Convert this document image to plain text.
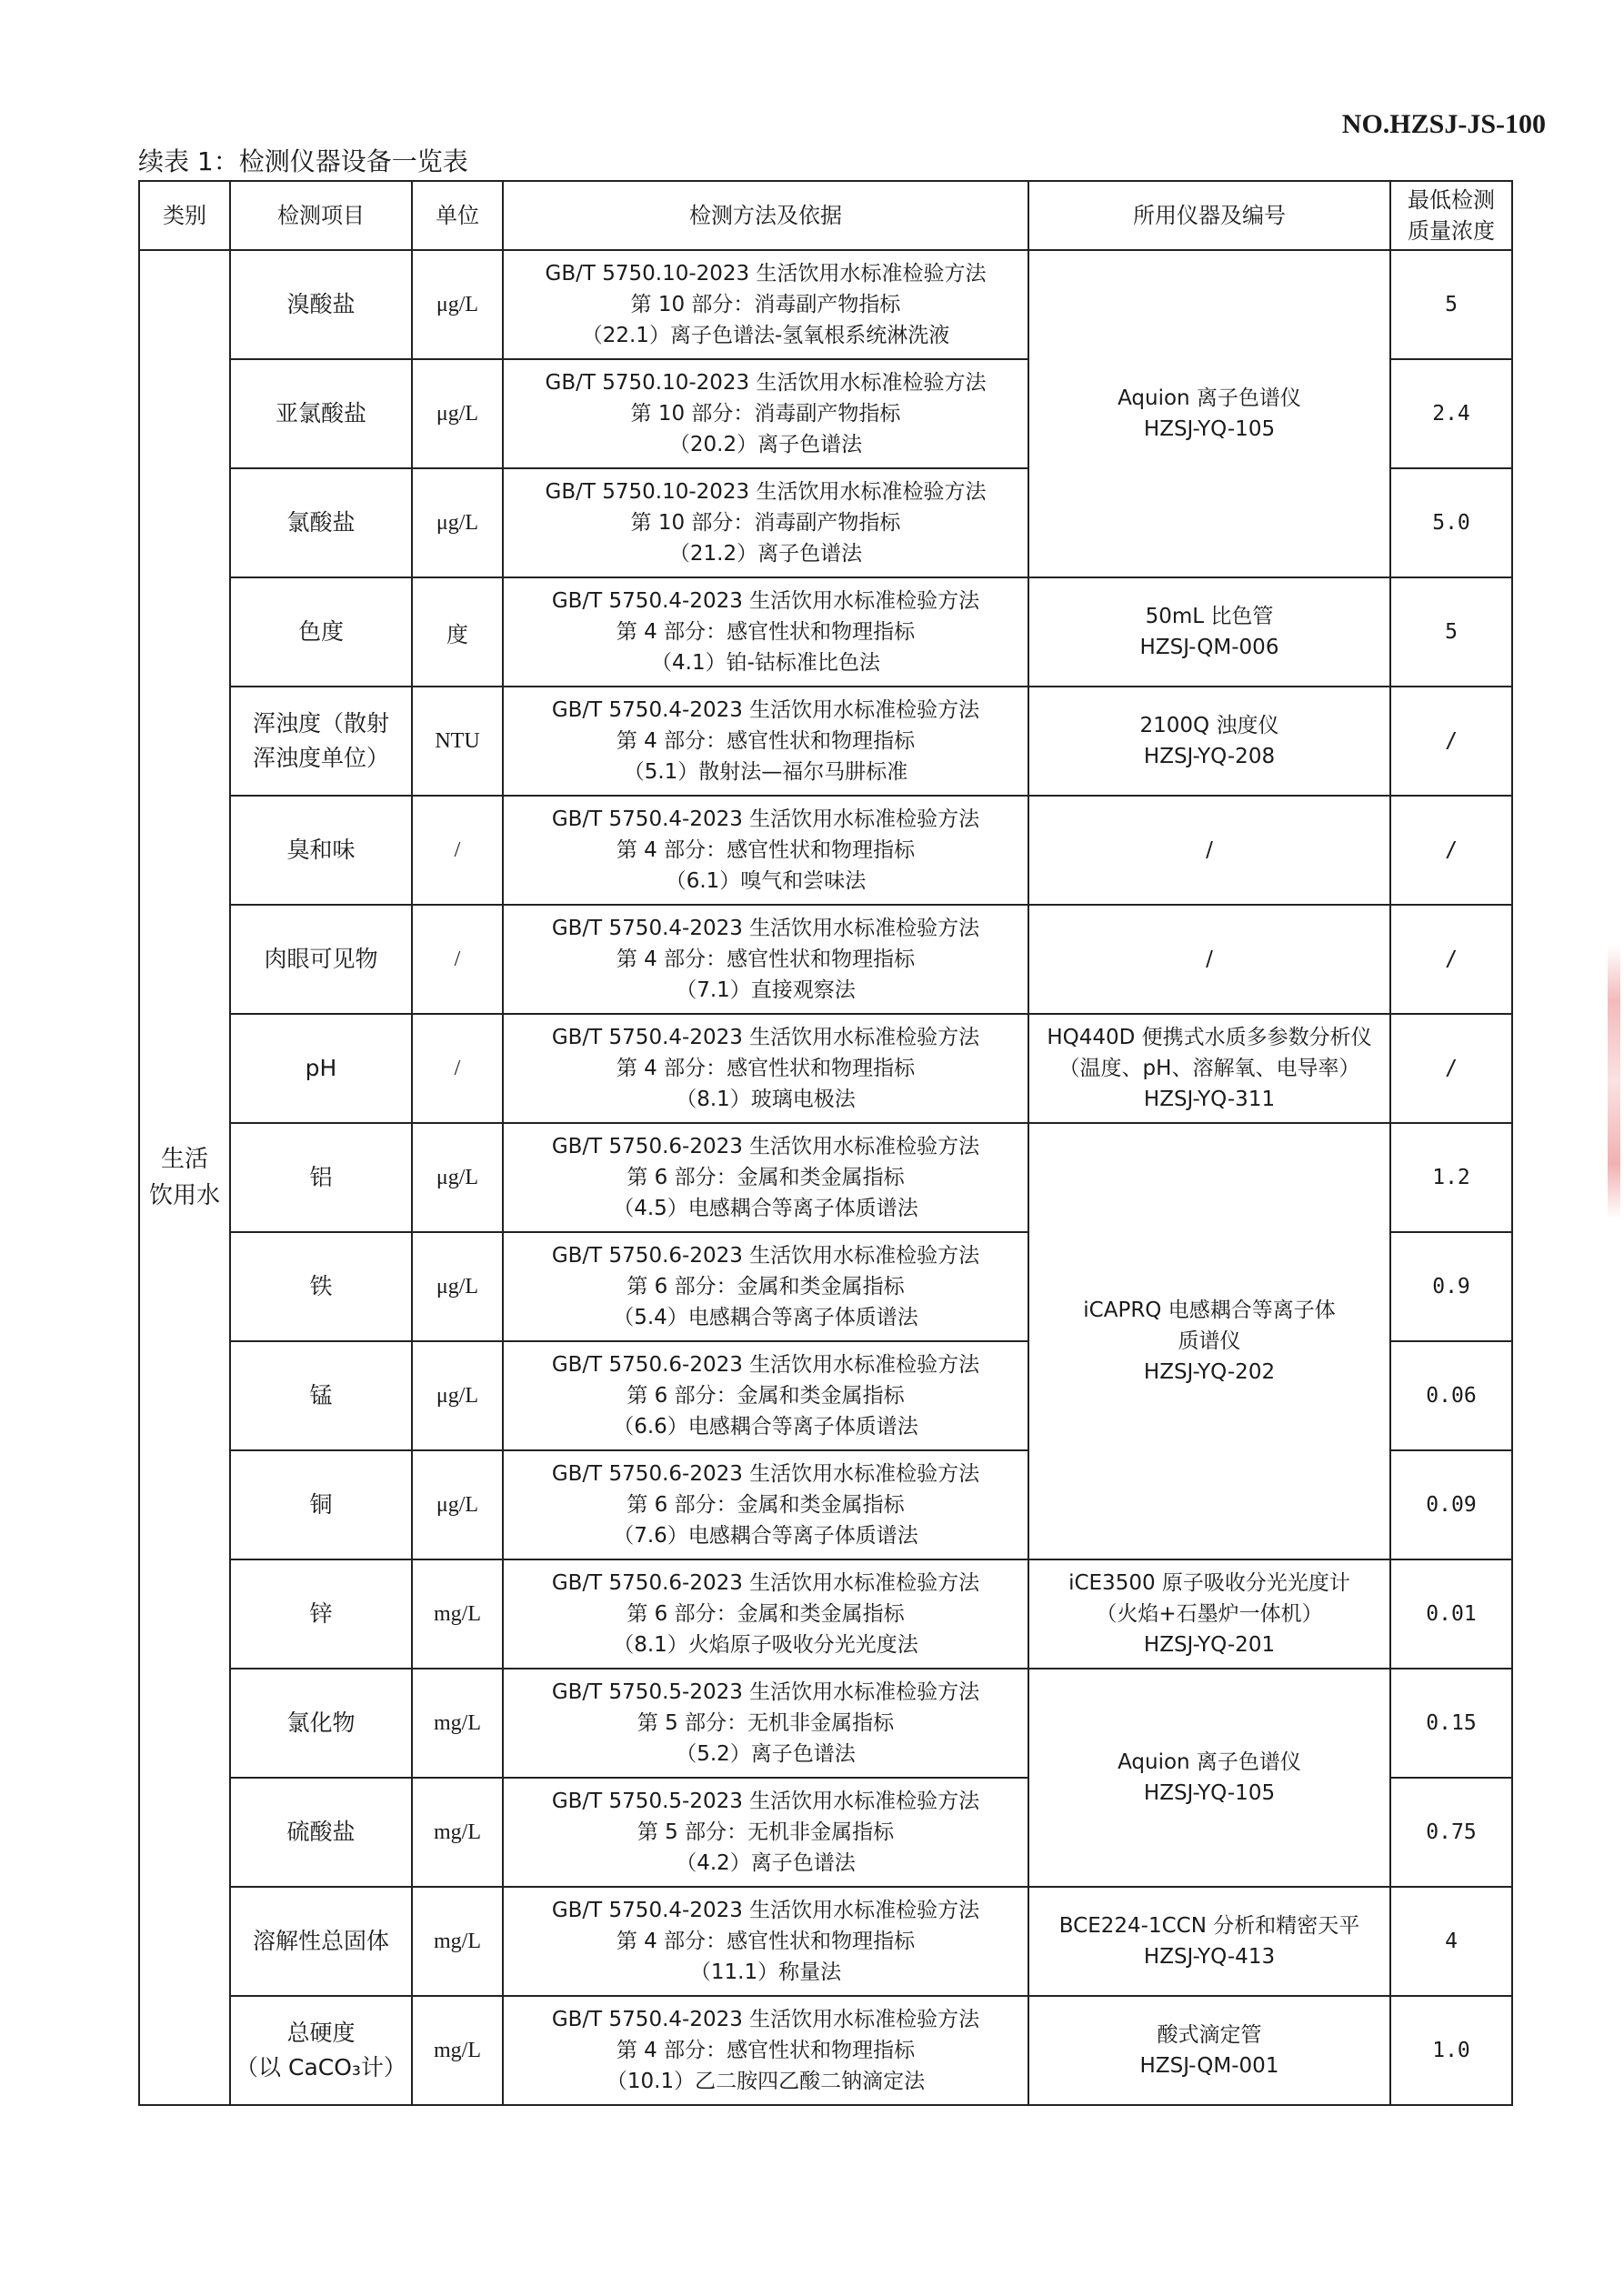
NO.HZSJ-JS-100
续表 1：检测仪器设备一览表
类别	检测项目	单位	检测方法及依据	所用仪器及编号	最低检测
质量浓度

生活
饮用水	溴酸盐	μg/L	GB/T 5750.10-2023 生活饮用水标准检验方法
第 10 部分：消毒副产物指标
（22.1）离子色谱法-氢氧根系统淋洗液	Aquion 离子色谱仪
HZSJ-YQ-105	5

	亚氯酸盐	μg/L	GB/T 5750.10-2023 生活饮用水标准检验方法
第 10 部分：消毒副产物指标
（20.2）离子色谱法		2.4

	氯酸盐	μg/L	GB/T 5750.10-2023 生活饮用水标准检验方法
第 10 部分：消毒副产物指标
（21.2）离子色谱法		5.0

	色度	度	GB/T 5750.4-2023 生活饮用水标准检验方法
第 4 部分：感官性状和物理指标
（4.1）铂-钴标准比色法	50mL 比色管
HZSJ-QM-006	5

	浑浊度（散射
浑浊度单位）	NTU	GB/T 5750.4-2023 生活饮用水标准检验方法
第 4 部分：感官性状和物理指标
（5.1）散射法—福尔马肼标准	2100Q 浊度仪
HZSJ-YQ-208	/

	臭和味	/	GB/T 5750.4-2023 生活饮用水标准检验方法
第 4 部分：感官性状和物理指标
（6.1）嗅气和尝味法	/	/

	肉眼可见物	/	GB/T 5750.4-2023 生活饮用水标准检验方法
第 4 部分：感官性状和物理指标
（7.1）直接观察法	/	/

	pH	/	GB/T 5750.4-2023 生活饮用水标准检验方法
第 4 部分：感官性状和物理指标
（8.1）玻璃电极法	HQ440D 便携式水质多参数分析仪
（温度、pH、溶解氧、电导率）
HZSJ-YQ-311	/

	铝	μg/L	GB/T 5750.6-2023 生活饮用水标准检验方法
第 6 部分：金属和类金属指标
（4.5）电感耦合等离子体质谱法	iCAPRQ 电感耦合等离子体
质谱仪
HZSJ-YQ-202	1.2

	铁	μg/L	GB/T 5750.6-2023 生活饮用水标准检验方法
第 6 部分：金属和类金属指标
（5.4）电感耦合等离子体质谱法		0.9

	锰	μg/L	GB/T 5750.6-2023 生活饮用水标准检验方法
第 6 部分：金属和类金属指标
（6.6）电感耦合等离子体质谱法		0.06

	铜	μg/L	GB/T 5750.6-2023 生活饮用水标准检验方法
第 6 部分：金属和类金属指标
（7.6）电感耦合等离子体质谱法		0.09

	锌	mg/L	GB/T 5750.6-2023 生活饮用水标准检验方法
第 6 部分：金属和类金属指标
（8.1）火焰原子吸收分光光度法	iCE3500 原子吸收分光光度计
（火焰+石墨炉一体机）
HZSJ-YQ-201	0.01

	氯化物	mg/L	GB/T 5750.5-2023 生活饮用水标准检验方法
第 5 部分：无机非金属指标
（5.2）离子色谱法	Aquion 离子色谱仪
HZSJ-YQ-105	0.15

	硫酸盐	mg/L	GB/T 5750.5-2023 生活饮用水标准检验方法
第 5 部分：无机非金属指标
（4.2）离子色谱法		0.75

	溶解性总固体	mg/L	GB/T 5750.4-2023 生活饮用水标准检验方法
第 4 部分：感官性状和物理指标
（11.1）称量法	BCE224-1CCN 分析和精密天平
HZSJ-YQ-413	4

	总硬度
（以 CaCO₃计）	mg/L	GB/T 5750.4-2023 生活饮用水标准检验方法
第 4 部分：感官性状和物理指标
（10.1）乙二胺四乙酸二钠滴定法	酸式滴定管
HZSJ-QM-001	1.0
